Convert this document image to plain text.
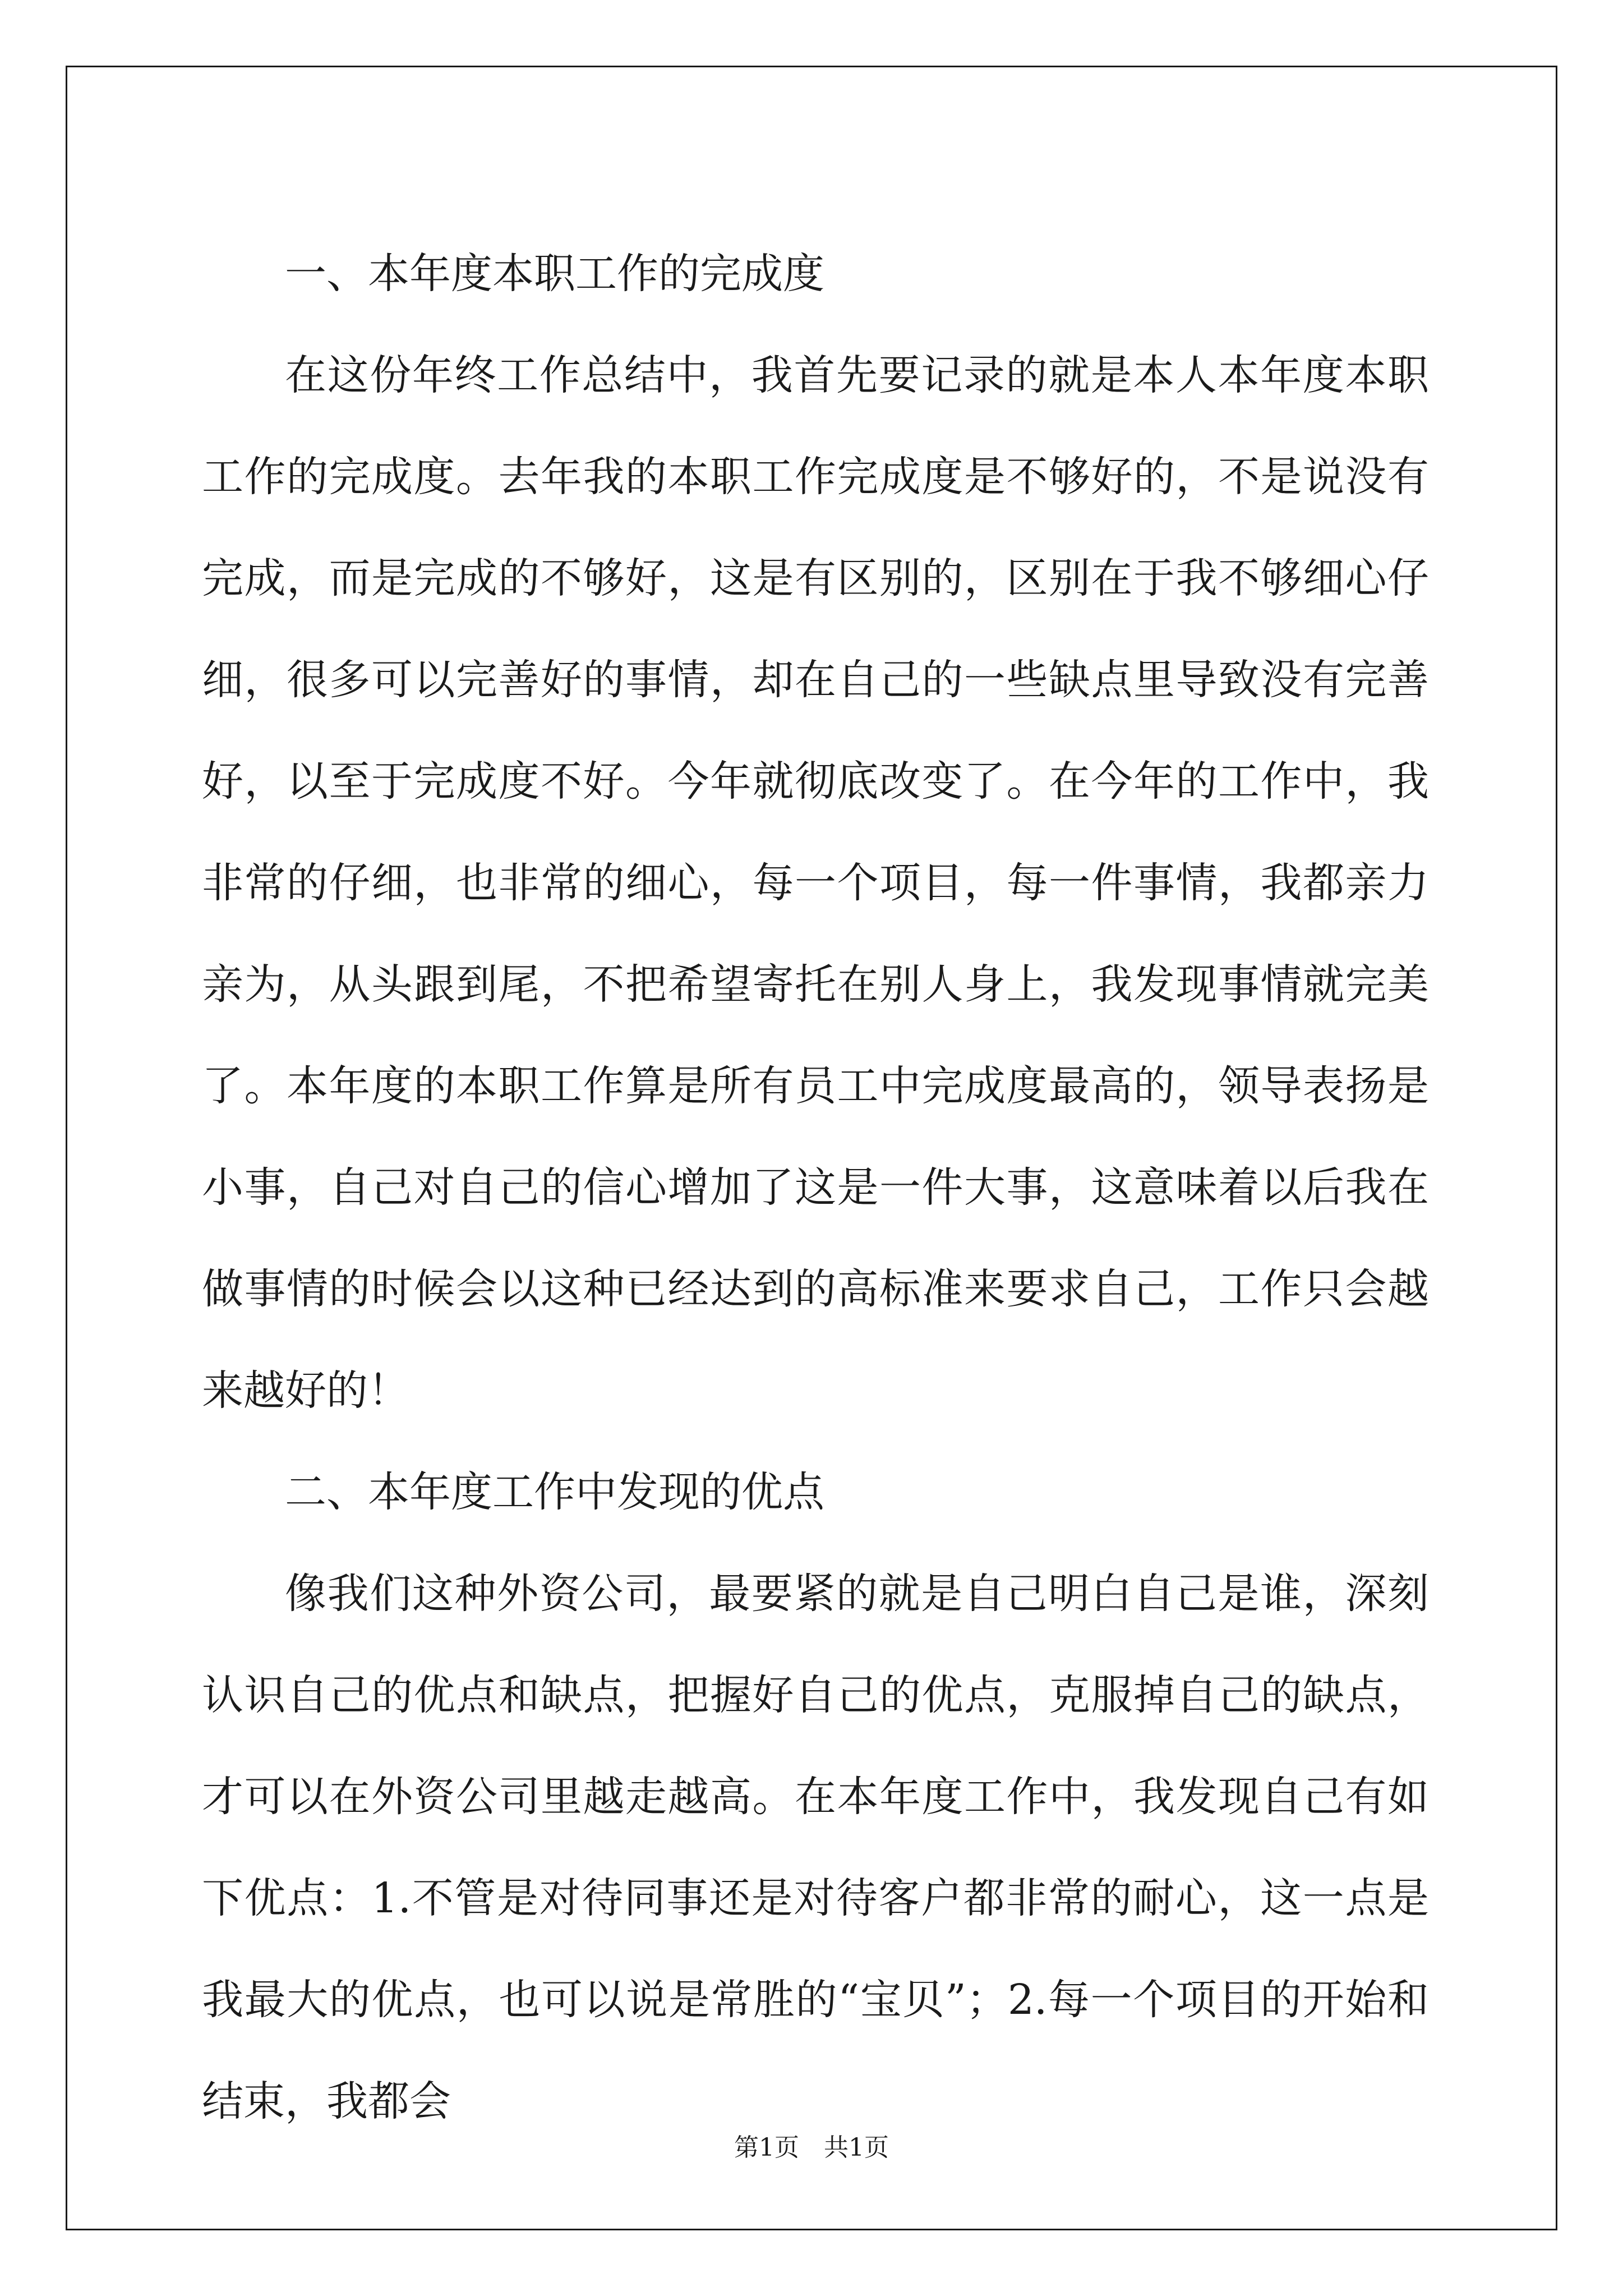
一、本年度本职工作的完成度

在这份年终工作总结中，我首先要记录的就是本人本年度本职工作的完成度。去年我的本职工作完成度是不够好的，不是说没有完成，而是完成的不够好，这是有区别的，区别在于我不够细心仔细，很多可以完善好的事情，却在自己的一些缺点里导致没有完善好，以至于完成度不好。今年就彻底改变了。在今年的工作中，我非常的仔细，也非常的细心，每一个项目，每一件事情，我都亲力亲为，从头跟到尾，不把希望寄托在别人身上，我发现事情就完美了。本年度的本职工作算是所有员工中完成度最高的，领导表扬是小事，自己对自己的信心增加了这是一件大事，这意味着以后我在做事情的时候会以这种已经达到的高标准来要求自己，工作只会越来越好的！

二、本年度工作中发现的优点

像我们这种外资公司，最要紧的就是自己明白自己是谁，深刻认识自己的优点和缺点，把握好自己的优点，克服掉自己的缺点，才可以在外资公司里越走越高。在本年度工作中，我发现自己有如下优点：1.不管是对待同事还是对待客户都非常的耐心，这一点是我最大的优点，也可以说是常胜的“宝贝”；2.每一个项目的开始和结束，我都会

第1页　共1页
